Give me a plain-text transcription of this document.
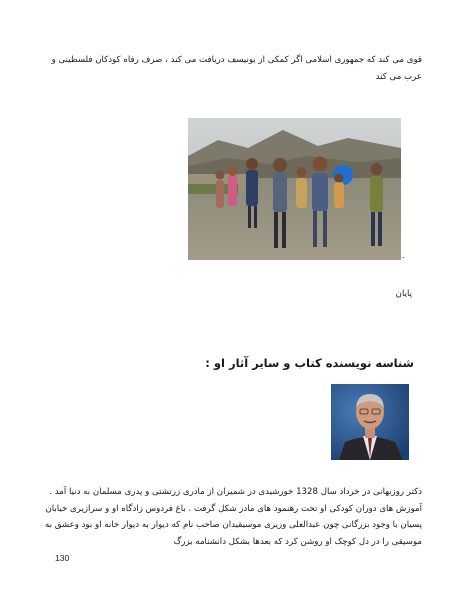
قوی می کند که جمهوری اسلامی اگر کمکی از یونیسف دریافت می کند ، صرف رفاه کودکان فلسطینی و عرب می کند

.
پایان
شناسه نویسنده کتاب و سایر آثار او :

دکتر روزبهانی در خرداد سال 1328 خورشیدی در شمیران از مادری زرتشتی و پدری مسلمان به دنیا آمد . آموزش های دوران کودکی او تحت رهنمود های مادر شکل گرفت . باغ فردوس زادگاه او و سرازیری خیابان پسیان با وجود بزرگانی چون عبدالعلی وزیری موسیقیدان صاحب نام که دیوار به دیوار خانه او بود وعشق به موسیقی را در دل کوچک او روشن کرد که بعدها بشکل دانشنامه بزرگ

130
